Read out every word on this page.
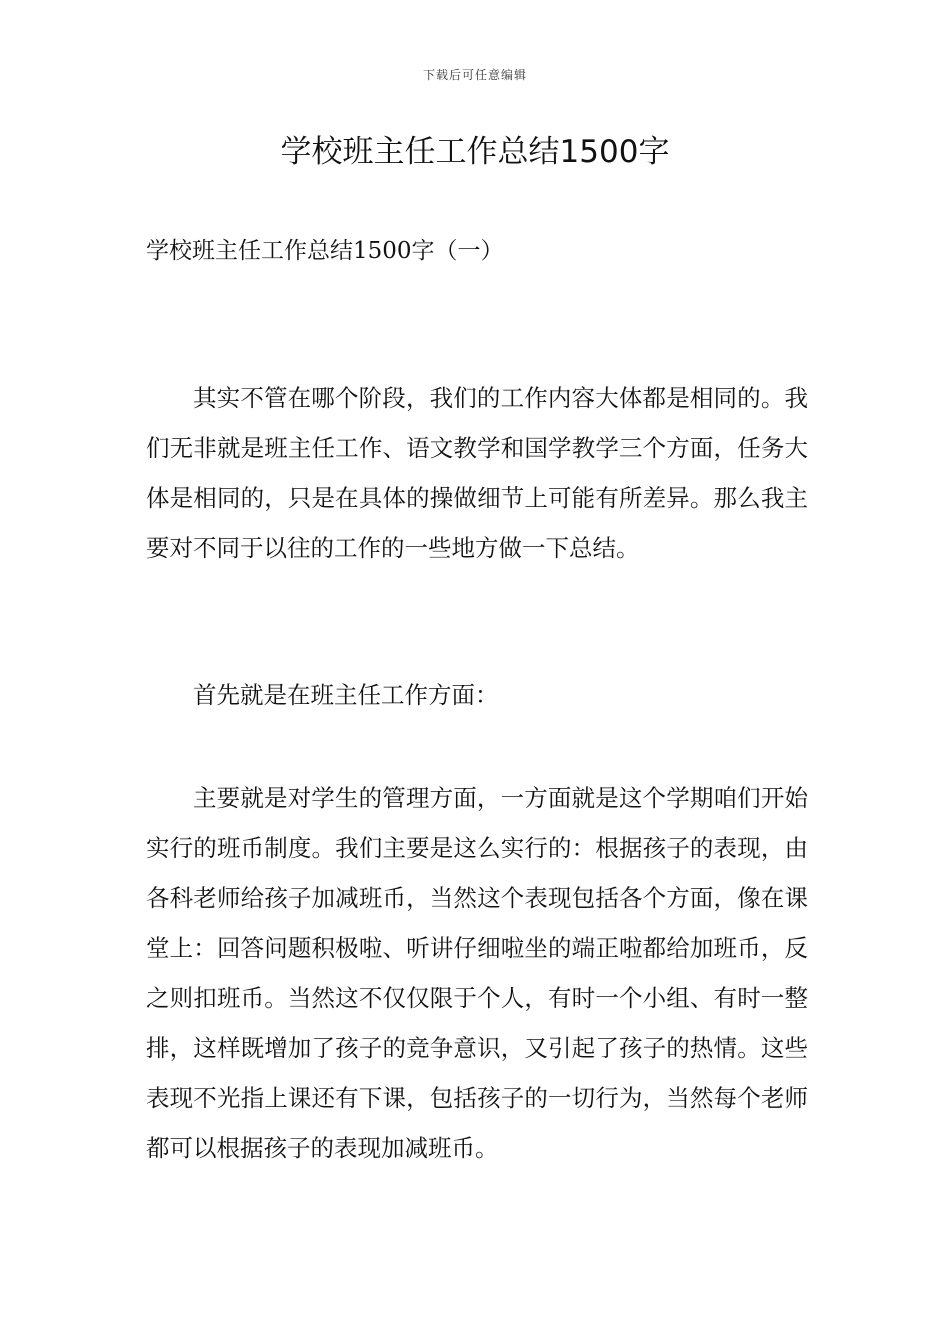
下载后可任意编辑
学校班主任工作总结1500字
学校班主任工作总结1500字（一）

其实不管在哪个阶段，我们的工作内容大体都是相同的。我们无非就是班主任工作、语文教学和国学教学三个方面，任务大体是相同的，只是在具体的操做细节上可能有所差异。那么我主要对不同于以往的工作的一些地方做一下总结。

首先就是在班主任工作方面：

主要就是对学生的管理方面，一方面就是这个学期咱们开始实行的班币制度。我们主要是这么实行的：根据孩子的表现，由各科老师给孩子加减班币，当然这个表现包括各个方面，像在课堂上：回答问题积极啦、听讲仔细啦坐的端正啦都给加班币，反之则扣班币。当然这不仅仅限于个人，有时一个小组、有时一整排，这样既增加了孩子的竞争意识，又引起了孩子的热情。这些表现不光指上课还有下课，包括孩子的一切行为，当然每个老师都可以根据孩子的表现加减班币。
